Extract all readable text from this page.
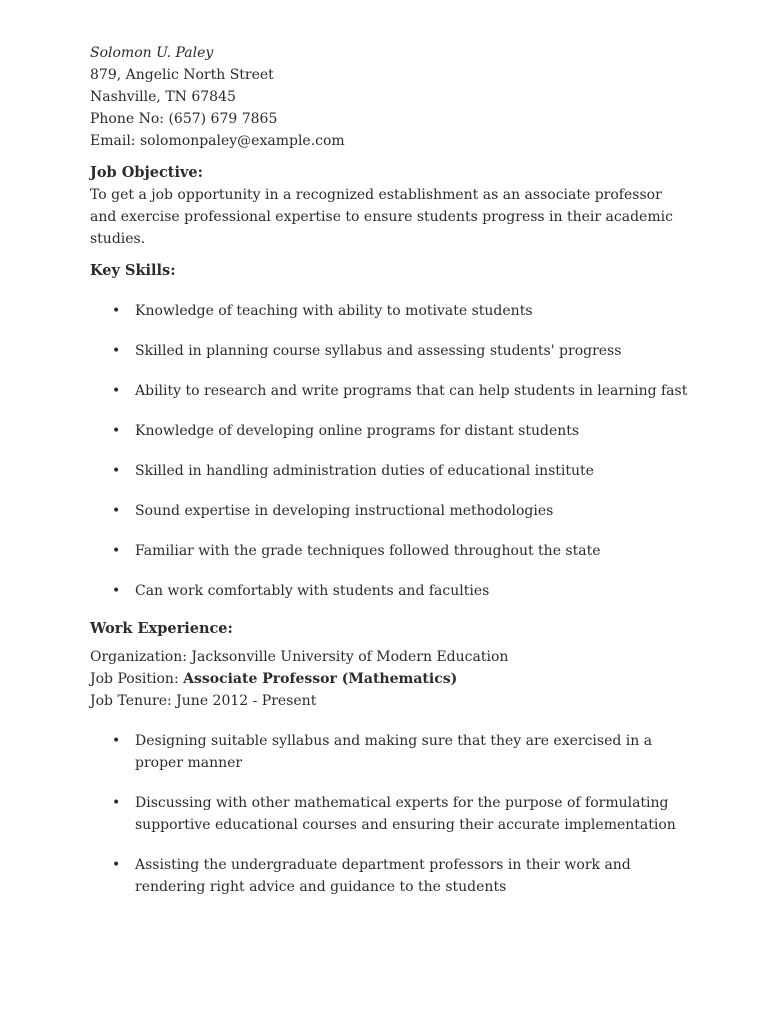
Solomon U. Paley
879, Angelic North Street
Nashville, TN 67845
Phone No: (657) 679 7865
Email: solomonpaley@example.com
Job Objective:
To get a job opportunity in a recognized establishment as an associate professor and exercise professional expertise to ensure students progress in their academic studies.
Key Skills:
• Knowledge of teaching with ability to motivate students
• Skilled in planning course syllabus and assessing students' progress
• Ability to research and write programs that can help students in learning fast
• Knowledge of developing online programs for distant students
• Skilled in handling administration duties of educational institute
• Sound expertise in developing instructional methodologies
• Familiar with the grade techniques followed throughout the state
• Can work comfortably with students and faculties
Work Experience:
Organization: Jacksonville University of Modern Education
Job Position: Associate Professor (Mathematics)
Job Tenure: June 2012 - Present
• Designing suitable syllabus and making sure that they are exercised in a proper manner
• Discussing with other mathematical experts for the purpose of formulating supportive educational courses and ensuring their accurate implementation
• Assisting the undergraduate department professors in their work and rendering right advice and guidance to the students
